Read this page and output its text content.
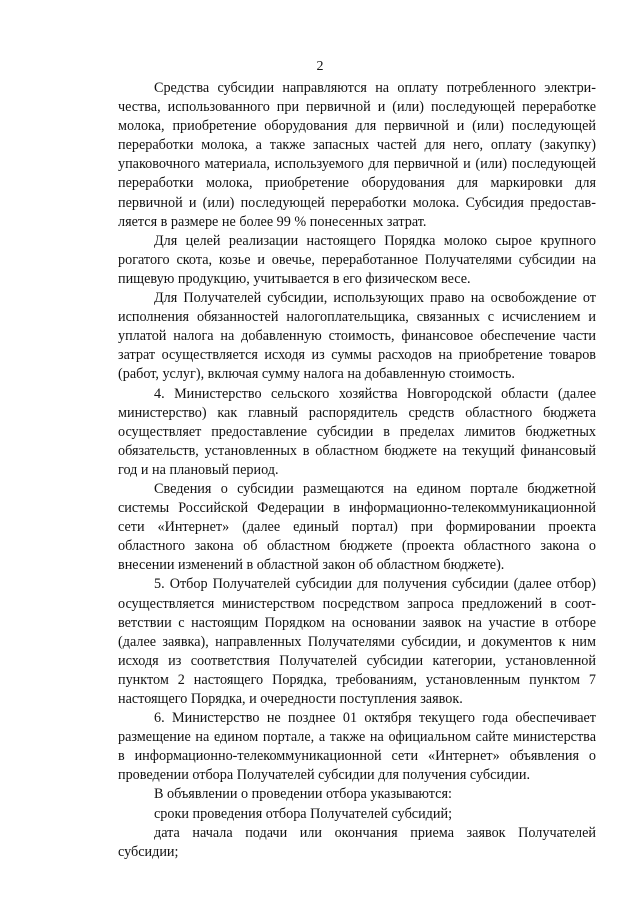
2

Средства субсидии направляются на оплату потребленного электричества, использованного при первичной и (или) последующей переработке молока, приобретение оборудования для первичной и (или) последующей переработки молока, а также запасных частей для него, оплату (закупку) упаковочного материала, используемого для первичной и (или) последующей переработки молока, приобретение оборудования для маркировки для первичной и (или) последующей переработки молока. Субсидия предоставляется в размере не более 99 % понесенных затрат.

Для целей реализации настоящего Порядка молоко сырое крупного рогатого скота, козье и овечье, переработанное Получателями субсидии на пищевую продукцию, учитывается в его физическом весе.

Для Получателей субсидии, использующих право на освобождение от исполнения обязанностей налогоплательщика, связанных с исчислением и уплатой налога на добавленную стоимость, финансовое обеспечение части затрат осуществляется исходя из суммы расходов на приобретение товаров (работ, услуг), включая сумму налога на добавленную стоимость.

4. Министерство сельского хозяйства Новгородской области (далее министерство) как главный распорядитель средств областного бюджета осуществляет предоставление субсидии в пределах лимитов бюджетных обязательств, установленных в областном бюджете на текущий финансовый год и на плановый период.

Сведения о субсидии размещаются на едином портале бюджетной системы Российской Федерации в информационно-телекоммуникационной сети «Интернет» (далее единый портал) при формировании проекта областного закона об областном бюджете (проекта областного закона о внесении изменений в областной закон об областном бюджете).

5. Отбор Получателей субсидии для получения субсидии (далее отбор) осуществляется министерством посредством запроса предложений в соответствии с настоящим Порядком на основании заявок на участие в отборе (далее заявка), направленных Получателями субсидии, и документов к ним исходя из соответствия Получателей субсидии категории, установленной пунктом 2 настоящего Порядка, требованиям, установленным пунктом 7 настоящего Порядка, и очередности поступления заявок.

6. Министерство не позднее 01 октября текущего года обеспечивает размещение на едином портале, а также на официальном сайте министерства в информационно-телекоммуникационной сети «Интернет» объявления о проведении отбора Получателей субсидии для получения субсидии.

В объявлении о проведении отбора указываются:

сроки проведения отбора Получателей субсидий;

дата начала подачи или окончания приема заявок Получателей субсидии;
